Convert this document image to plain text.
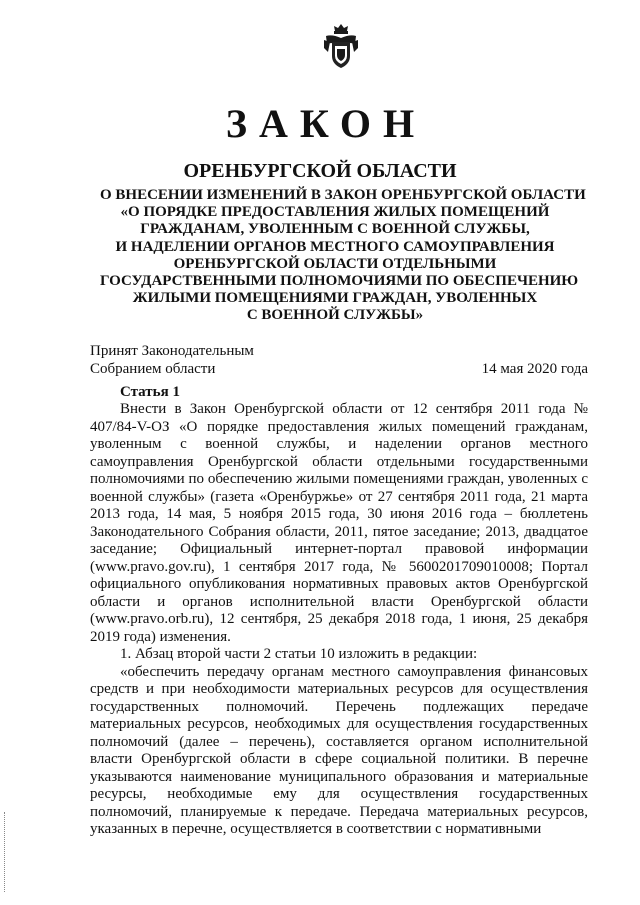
ЗАКОН
ОРЕНБУРГСКОЙ ОБЛАСТИ
О ВНЕСЕНИИ ИЗМЕНЕНИЙ В ЗАКОН ОРЕНБУРГСКОЙ ОБЛАСТИ
«О ПОРЯДКЕ ПРЕДОСТАВЛЕНИЯ ЖИЛЫХ ПОМЕЩЕНИЙ
ГРАЖДАНАМ, УВОЛЕННЫМ С ВОЕННОЙ СЛУЖБЫ,
И НАДЕЛЕНИИ ОРГАНОВ МЕСТНОГО САМОУПРАВЛЕНИЯ
ОРЕНБУРГСКОЙ ОБЛАСТИ ОТДЕЛЬНЫМИ
ГОСУДАРСТВЕННЫМИ ПОЛНОМОЧИЯМИ ПО ОБЕСПЕЧЕНИЮ
ЖИЛЫМИ ПОМЕЩЕНИЯМИ ГРАЖДАН, УВОЛЕННЫХ
С ВОЕННОЙ СЛУЖБЫ»
Принят Законодательным
Собранием области	14 мая 2020 года
Статья 1

Внести в Закон Оренбургской области от 12 сентября 2011 года № 407/84-V-ОЗ «О порядке предоставления жилых помещений гражданам, уволенным с военной службы, и наделении органов местного самоуправления Оренбургской области отдельными государственными полномочиями по обеспечению жилыми помещениями граждан, уволенных с военной службы» (газета «Оренбуржье» от 27 сентября 2011 года, 21 марта 2013 года, 14 мая, 5 ноября 2015 года, 30 июня 2016 года – бюллетень Законодательного Собрания области, 2011, пятое заседание; 2013, двадцатое заседание; Официальный интернет-портал правовой информации (www.pravo.gov.ru), 1 сентября 2017 года, № 5600201709010008; Портал официального опубликования нормативных правовых актов Оренбургской области и органов исполнительной власти Оренбургской области (www.pravo.orb.ru), 12 сентября, 25 декабря 2018 года, 1 июня, 25 декабря 2019 года) изменения.

1. Абзац второй части 2 статьи 10 изложить в редакции:

«обеспечить передачу органам местного самоуправления финансовых средств и при необходимости материальных ресурсов для осуществления государственных полномочий. Перечень подлежащих передаче материальных ресурсов, необходимых для осуществления государственных полномочий (далее – перечень), составляется органом исполнительной власти Оренбургской области в сфере социальной политики. В перечне указываются наименование муниципального образования и материальные ресурсы, необходимые ему для осуществления государственных полномочий, планируемые к передаче. Передача материальных ресурсов, указанных в перечне, осуществляется в соответствии с нормативными
